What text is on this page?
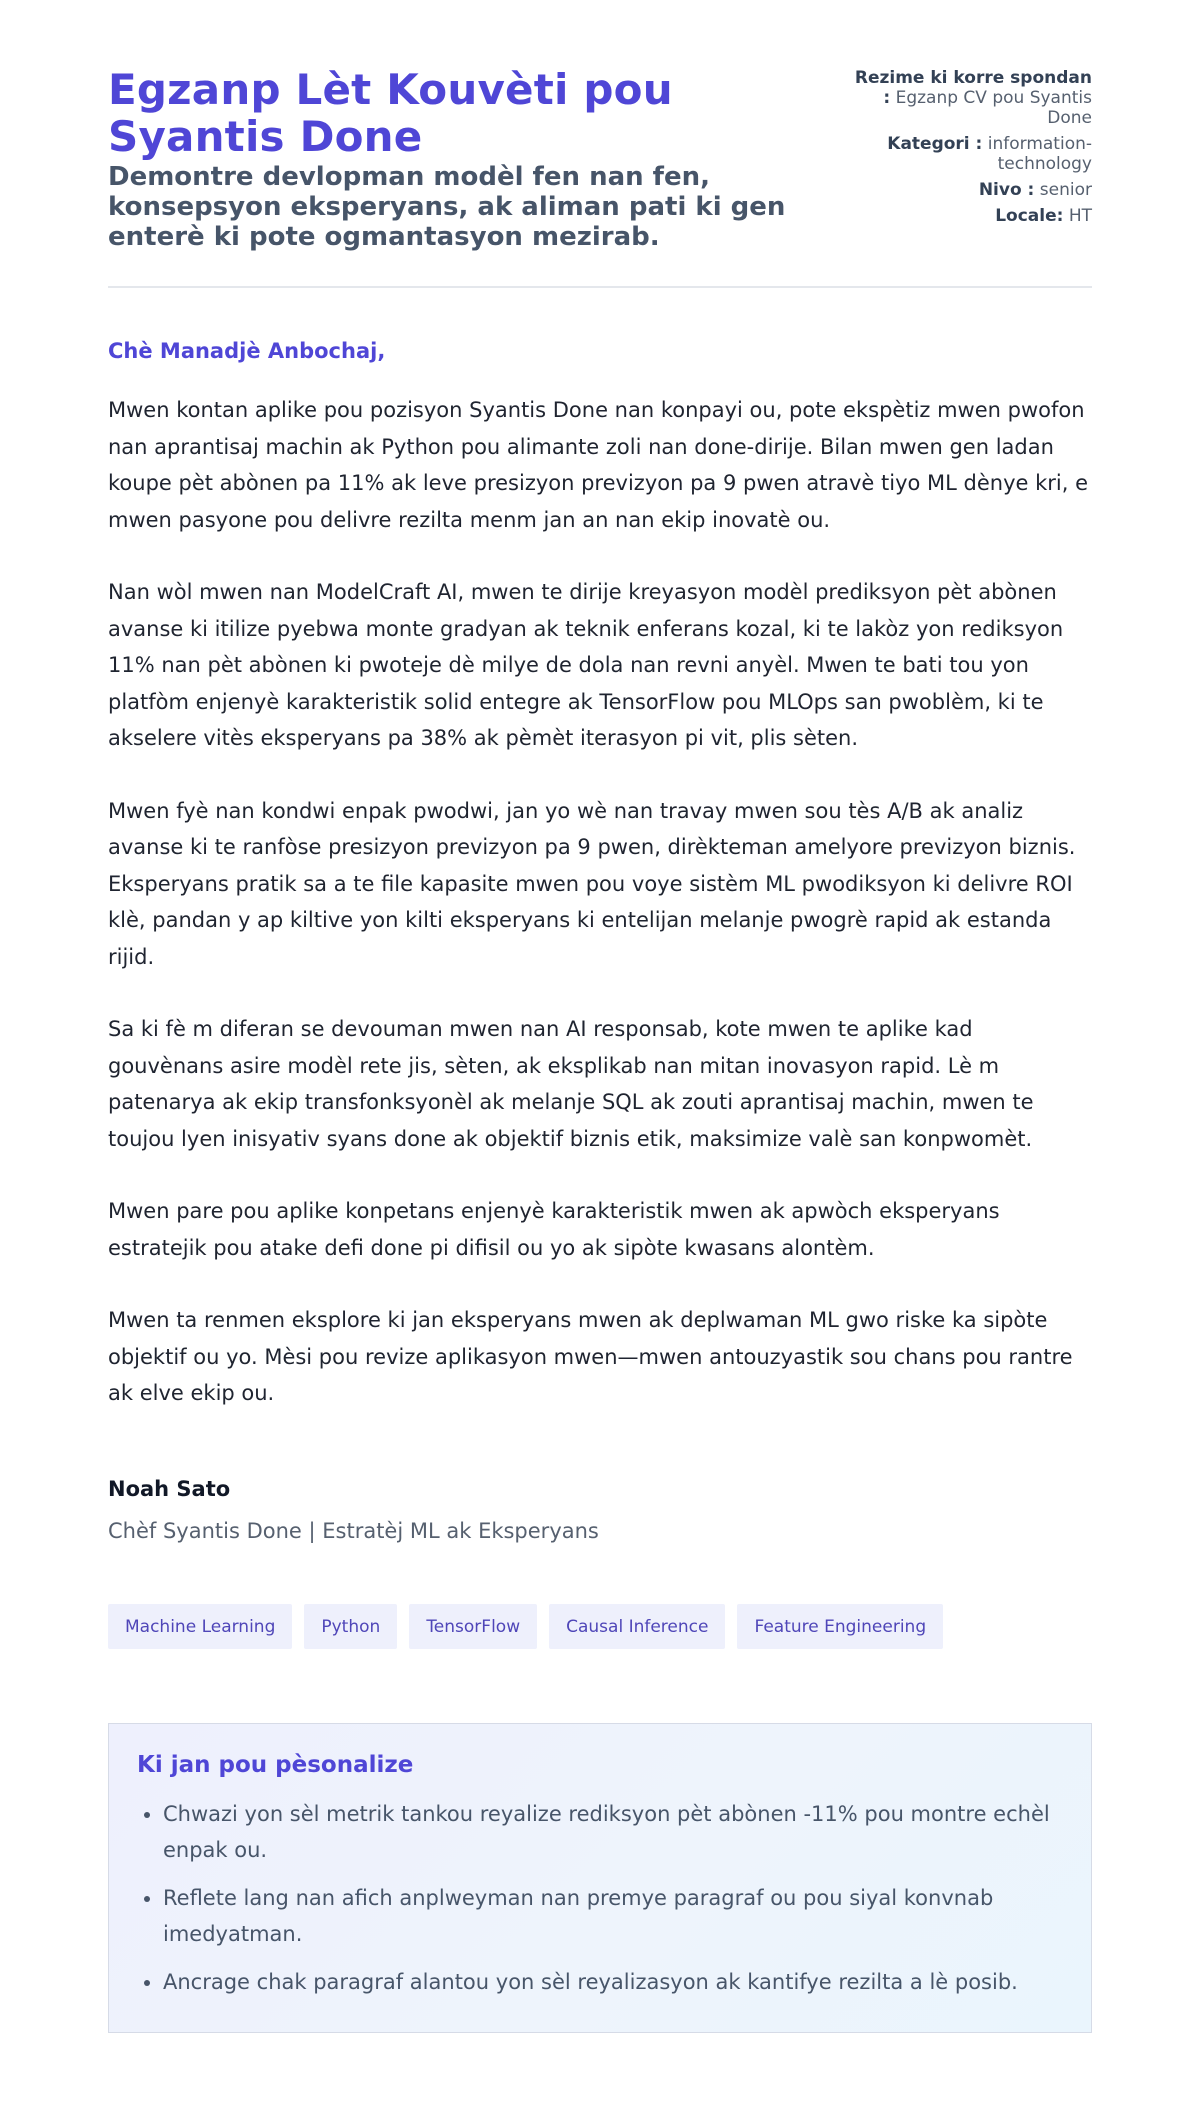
Egzanp Lèt Kouvèti pou Syantis Done

Demontre devlopman modèl fen nan fen, konsepsyon eksperyans, ak aliman pati ki gen enterè ki pote ogmantasyon mezirab.

Rezime ki korre spondan : Egzanp CV pou Syantis Done
Kategori : information-technology
Nivo : senior
Locale: HT

Chè Manadjè Anbochaj,

Mwen kontan aplike pou pozisyon Syantis Done nan konpayi ou, pote ekspètiz mwen pwofon nan aprantisaj machin ak Python pou alimante zoli nan done-dirije. Bilan mwen gen ladan koupe pèt abònen pa 11% ak leve presizyon previzyon pa 9 pwen atravè tiyo ML dènye kri, e mwen pasyone pou delivre rezilta menm jan an nan ekip inovatè ou.

Nan wòl mwen nan ModelCraft AI, mwen te dirije kreyasyon modèl prediksyon pèt abònen avanse ki itilize pyebwa monte gradyan ak teknik enferans kozal, ki te lakòz yon rediksyon 11% nan pèt abònen ki pwoteje dè milye de dola nan revni anyèl. Mwen te bati tou yon platfòm enjenyè karakteristik solid entegre ak TensorFlow pou MLOps san pwoblèm, ki te akselere vitès eksperyans pa 38% ak pèmèt iterasyon pi vit, plis sèten.

Mwen fyè nan kondwi enpak pwodwi, jan yo wè nan travay mwen sou tès A/B ak analiz avanse ki te ranfòse presizyon previzyon pa 9 pwen, dirèkteman amelyore previzyon biznis. Eksperyans pratik sa a te file kapasite mwen pou voye sistèm ML pwodiksyon ki delivre ROI klè, pandan y ap kiltive yon kilti eksperyans ki entelijan melanje pwogrè rapid ak estanda rijid.

Sa ki fè m diferan se devouman mwen nan AI responsab, kote mwen te aplike kad gouvènans asire modèl rete jis, sèten, ak eksplikab nan mitan inovasyon rapid. Lè m patenarya ak ekip transfonksyonèl ak melanje SQL ak zouti aprantisaj machin, mwen te toujou lyen inisyativ syans done ak objektif biznis etik, maksimize valè san konpwomèt.

Mwen pare pou aplike konpetans enjenyè karakteristik mwen ak apwòch eksperyans estratejik pou atake defi done pi difisil ou yo ak sipòte kwasans alontèm.

Mwen ta renmen eksplore ki jan eksperyans mwen ak deplwaman ML gwo riske ka sipòte objektif ou yo. Mèsi pou revize aplikasyon mwen—mwen antouzyastik sou chans pou rantre ak elve ekip ou.

Noah Sato
Chèf Syantis Done | Estratèj ML ak Eksperyans
Machine Learning	Python	TensorFlow	Causal Inference	Feature Engineering
Ki jan pou pèsonalize
• Chwazi yon sèl metrik tankou reyalize rediksyon pèt abònen -11% pou montre echèl enpak ou.
• Reflete lang nan afich anplweyman nan premye paragraf ou pou siyal konvnab imedyatman.
• Ancrage chak paragraf alantou yon sèl reyalizasyon ak kantifye rezilta a lè posib.
